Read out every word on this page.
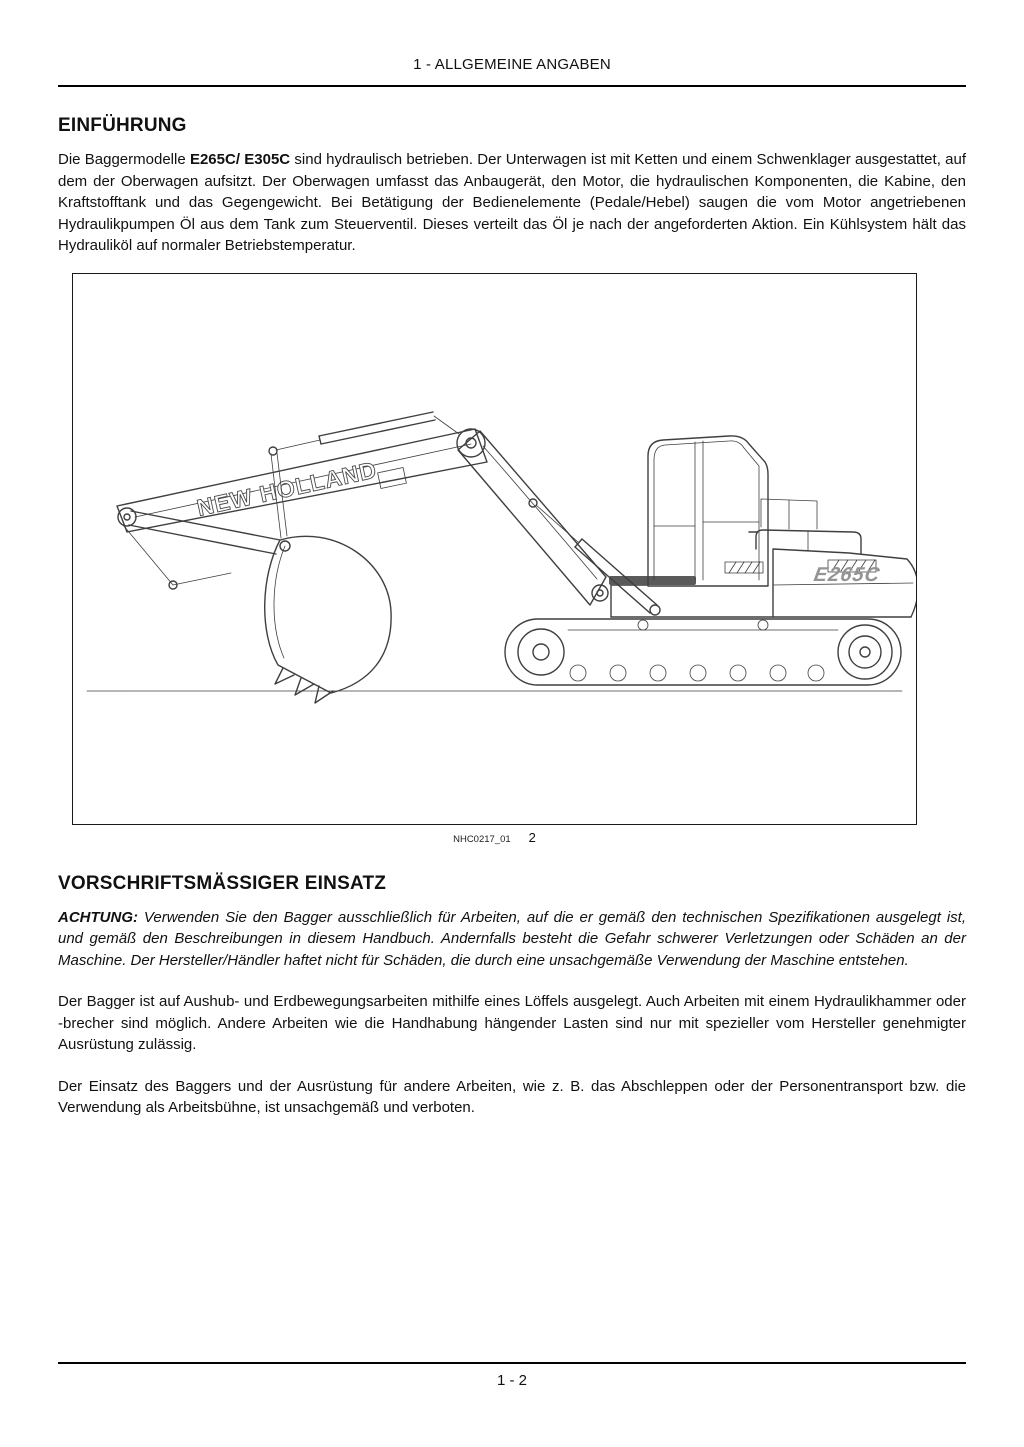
1 - ALLGEMEINE ANGABEN
EINFÜHRUNG

Die Baggermodelle E265C/ E305C sind hydraulisch betrieben. Der Unterwagen ist mit Ketten und einem Schwenklager ausgestattet, auf dem der Oberwagen aufsitzt. Der Oberwagen umfasst das Anbaugerät, den Motor, die hydraulischen Komponenten, die Kabine, den Kraftstofftank und das Gegengewicht. Bei Betätigung der Bedienelemente (Pedale/Hebel) saugen die vom Motor angetriebenen Hydraulikpumpen Öl aus dem Tank zum Steuerventil. Dieses verteilt das Öl je nach der angeforderten Aktion. Ein Kühlsystem hält das Hydrauliköl auf normaler Betriebstemperatur.

E265C
NEW HOLLAND
NHC0217_01 2
VORSCHRIFTSMÄSSIGER EINSATZ

ACHTUNG: Verwenden Sie den Bagger ausschließlich für Arbeiten, auf die er gemäß den technischen Spezifikationen ausgelegt ist, und gemäß den Beschreibungen in diesem Handbuch. Andernfalls besteht die Gefahr schwerer Verletzungen oder Schäden an der Maschine. Der Hersteller/Händler haftet nicht für Schäden, die durch eine unsachgemäße Verwendung der Maschine entstehen.

Der Bagger ist auf Aushub- und Erdbewegungsarbeiten mithilfe eines Löffels ausgelegt. Auch Arbeiten mit einem Hydraulikhammer oder -brecher sind möglich. Andere Arbeiten wie die Handhabung hängender Lasten sind nur mit spezieller vom Hersteller genehmigter Ausrüstung zulässig.

Der Einsatz des Baggers und der Ausrüstung für andere Arbeiten, wie z. B. das Abschleppen oder der Personentransport bzw. die Verwendung als Arbeitsbühne, ist unsachgemäß und verboten.

1 - 2
